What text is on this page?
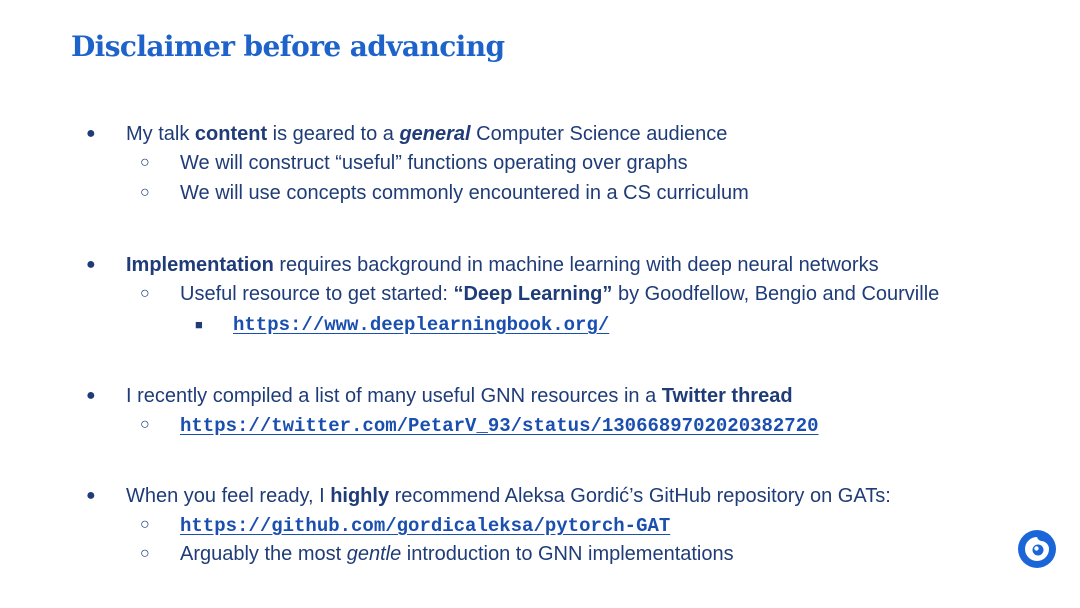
Disclaimer before advancing
● My talk content is geared to a general Computer Science audience
○ We will construct “useful” functions operating over graphs
○ We will use concepts commonly encountered in a CS curriculum
● Implementation requires background in machine learning with deep neural networks
○ Useful resource to get started: “Deep Learning” by Goodfellow, Bengio and Courville
■ https://www.deeplearningbook.org/
● I recently compiled a list of many useful GNN resources in a Twitter thread
○ https://twitter.com/PetarV_93/status/1306689702020382720
● When you feel ready, I highly recommend Aleksa Gordić’s GitHub repository on GATs:
○ https://github.com/gordicaleksa/pytorch-GAT
○ Arguably the most gentle introduction to GNN implementations
